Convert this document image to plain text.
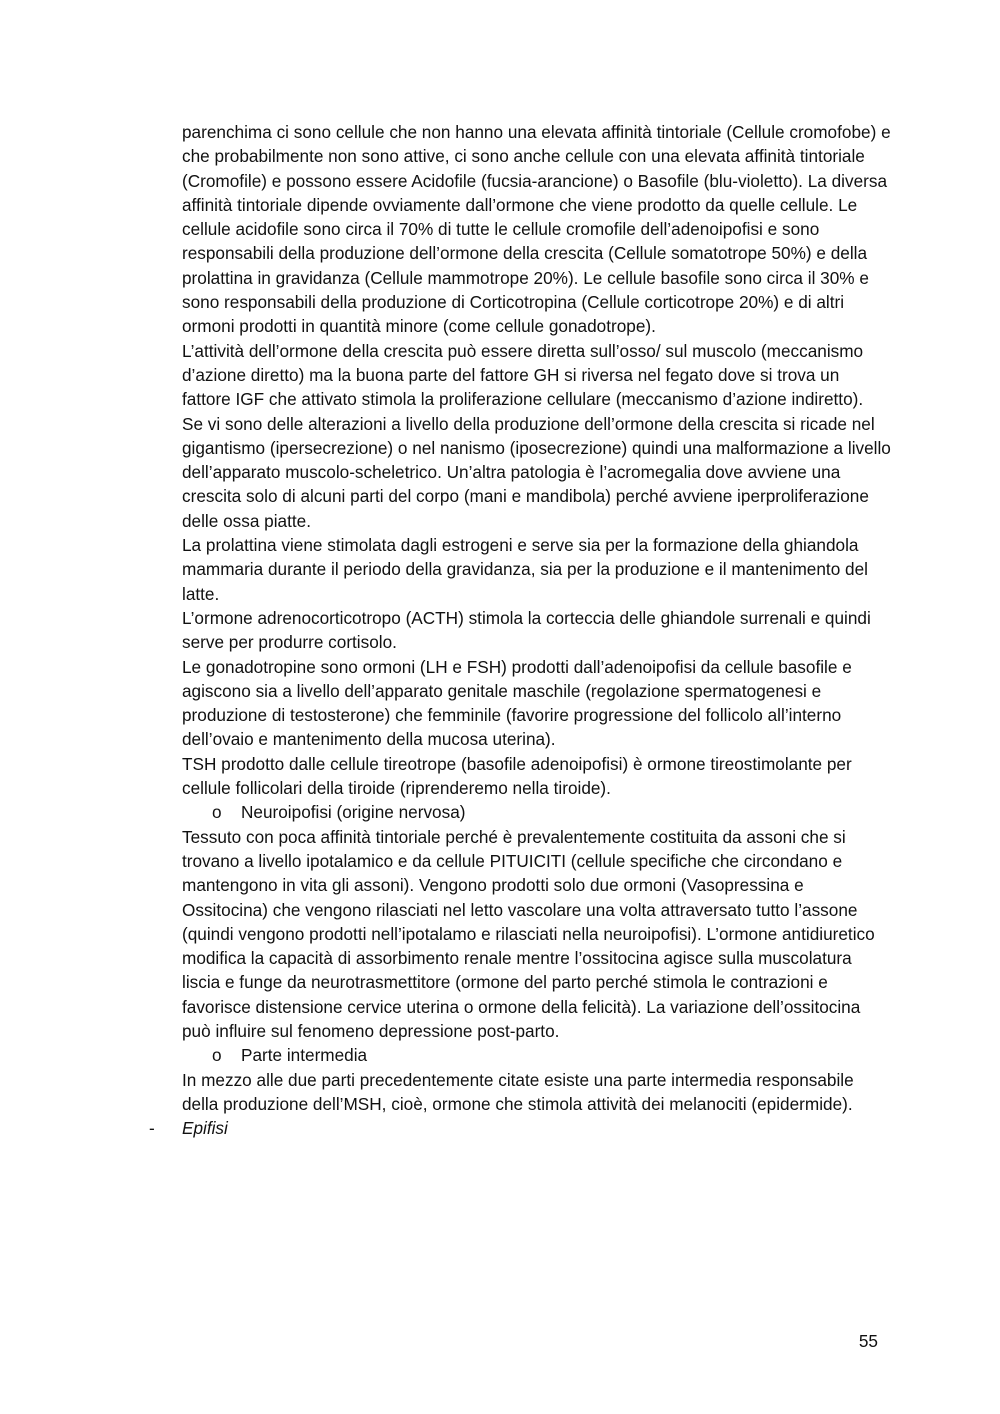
parenchima ci sono cellule che non hanno una elevata affinità tintoriale (Cellule cromofobe) e che probabilmente non sono attive, ci sono anche cellule con una elevata affinità tintoriale (Cromofile) e possono essere Acidofile (fucsia-arancione) o Basofile (blu-violetto). La diversa affinità tintoriale dipende ovviamente dall’ormone che viene prodotto da quelle cellule. Le cellule acidofile sono circa il 70% di tutte le cellule cromofile dell’adenoipofisi e sono responsabili della produzione dell’ormone della crescita (Cellule somatotrope 50%) e della prolattina in gravidanza (Cellule mammotrope 20%). Le cellule basofile sono circa il 30% e sono responsabili della produzione di Corticotropina (Cellule corticotrope 20%) e di altri ormoni prodotti in quantità minore (come cellule gonadotrope).

L’attività dell’ormone della crescita può essere diretta sull’osso/ sul muscolo (meccanismo d’azione diretto) ma la buona parte del fattore GH si riversa nel fegato dove si trova un fattore IGF che attivato stimola la proliferazione cellulare (meccanismo d’azione indiretto).

Se vi sono delle alterazioni a livello della produzione dell’ormone della crescita si ricade nel gigantismo (ipersecrezione) o nel nanismo (iposecrezione) quindi una malformazione a livello dell’apparato muscolo-scheletrico. Un’altra patologia è l’acromegalia dove avviene una crescita solo di alcuni parti del corpo (mani e mandibola) perché avviene iperproliferazione delle ossa piatte.

La prolattina viene stimolata dagli estrogeni e serve sia per la formazione della ghiandola mammaria durante il periodo della gravidanza, sia per la produzione e il mantenimento del latte.

L’ormone adrenocorticotropo (ACTH) stimola la corteccia delle ghiandole surrenali e quindi serve per produrre cortisolo.

Le gonadotropine sono ormoni (LH e FSH) prodotti dall’adenoipofisi da cellule basofile e agiscono sia a livello dell’apparato genitale maschile (regolazione spermatogenesi e produzione di testosterone) che femminile (favorire progressione del follicolo all’interno dell’ovaio e mantenimento della mucosa uterina).

TSH prodotto dalle cellule tireotrope (basofile adenoipofisi) è ormone tireostimolante per cellule follicolari della tiroide (riprenderemo nella tiroide).

o Neuroipofisi (origine nervosa)

Tessuto con poca affinità tintoriale perché è prevalentemente costituita da assoni che si trovano a livello ipotalamico e da cellule PITUICITI (cellule specifiche che circondano e mantengono in vita gli assoni). Vengono prodotti solo due ormoni (Vasopressina e Ossitocina) che vengono rilasciati nel letto vascolare una volta attraversato tutto l’assone (quindi vengono prodotti nell’ipotalamo e rilasciati nella neuroipofisi). L’ormone antidiuretico modifica la capacità di assorbimento renale mentre l’ossitocina agisce sulla muscolatura liscia e funge da neurotrasmettitore (ormone del parto perché stimola le contrazioni e favorisce distensione cervice uterina o ormone della felicità). La variazione dell’ossitocina può influire sul fenomeno depressione post-parto.

o Parte intermedia

In mezzo alle due parti precedentemente citate esiste una parte intermedia responsabile della produzione dell’MSH, cioè, ormone che stimola attività dei melanociti (epidermide).

- Epifisi

55
